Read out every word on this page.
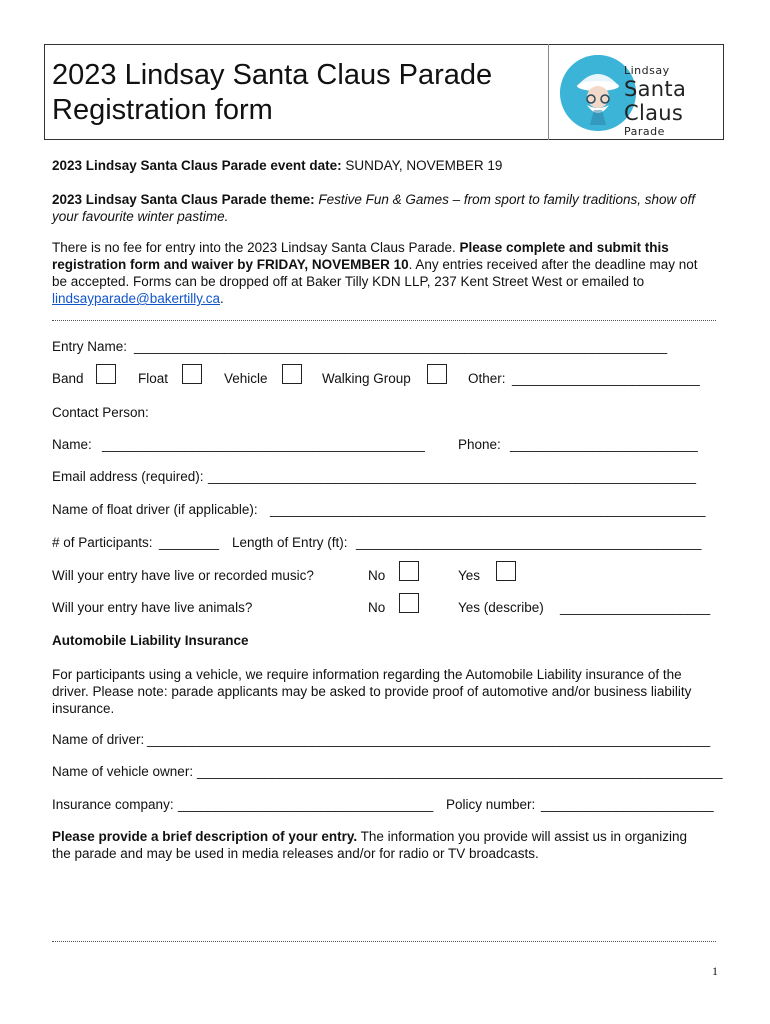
2023 Lindsay Santa Claus Parade
Registration form
Lindsay
Santa Claus
Parade
2023 Lindsay Santa Claus Parade event date: SUNDAY, NOVEMBER 19
2023 Lindsay Santa Claus Parade theme: Festive Fun & Games – from sport to family traditions, show off
your favourite winter pastime.
There is no fee for entry into the 2023 Lindsay Santa Claus Parade. Please complete and submit this
registration form and waiver by FRIDAY, NOVEMBER 10. Any entries received after the deadline may not
be accepted. Forms can be dropped off at Baker Tilly KDN LLP, 237 Kent Street West or emailed to
lindsayparade@bakertilly.ca.
Entry Name: _______________________________________________________________________
Band	Float	Vehicle	Walking Group	Other: _________________________
Contact Person:
Name: ___________________________________________ Phone: _________________________
Email address (required): _________________________________________________________________
Name of float driver (if applicable): __________________________________________________________
# of Participants: ________ Length of Entry (ft): ______________________________________________
Will your entry have live or recorded music?	No	Yes
Will your entry have live animals?	No	Yes (describe) ____________________
Automobile Liability Insurance
For participants using a vehicle, we require information regarding the Automobile Liability insurance of the
driver. Please note: parade applicants may be asked to provide proof of automotive and/or business liability
insurance.
Name of driver: ___________________________________________________________________________
Name of vehicle owner: ______________________________________________________________________
Insurance company: __________________________________ Policy number: _______________________
Please provide a brief description of your entry. The information you provide will assist us in organizing
the parade and may be used in media releases and/or for radio or TV broadcasts.
1
